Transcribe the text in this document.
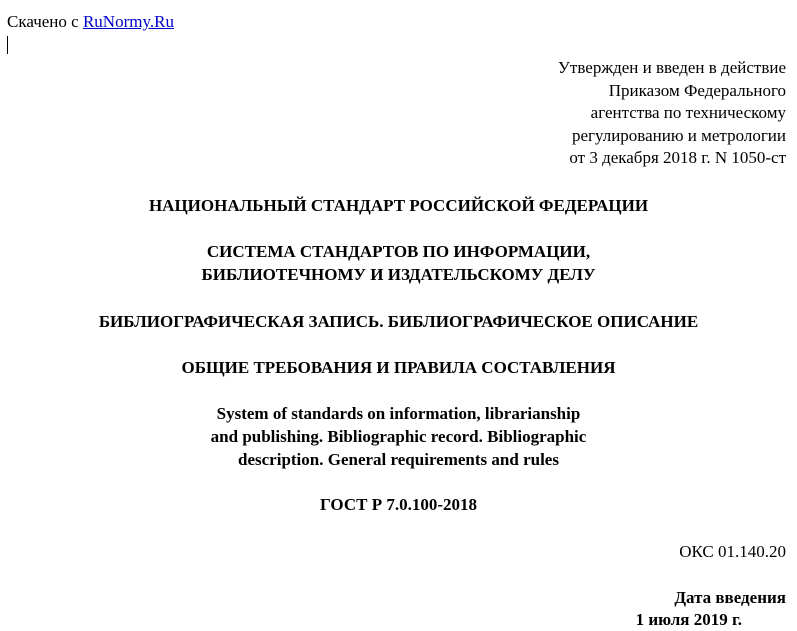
Скачено с RuNormy.Ru
Утвержден и введен в действие
Приказом Федерального
агентства по техническому
регулированию и метрологии
от 3 декабря 2018 г. N 1050-ст
НАЦИОНАЛЬНЫЙ СТАНДАРТ РОССИЙСКОЙ ФЕДЕРАЦИИ
СИСТЕМА СТАНДАРТОВ ПО ИНФОРМАЦИИ,
БИБЛИОТЕЧНОМУ И ИЗДАТЕЛЬСКОМУ ДЕЛУ
БИБЛИОГРАФИЧЕСКАЯ ЗАПИСЬ. БИБЛИОГРАФИЧЕСКОЕ ОПИСАНИЕ
ОБЩИЕ ТРЕБОВАНИЯ И ПРАВИЛА СОСТАВЛЕНИЯ
System of standards on information, librarianship
and publishing. Bibliographic record. Bibliographic
description. General requirements and rules
ГОСТ Р 7.0.100-2018
ОКС 01.140.20
Дата введения
1 июля 2019 г.
